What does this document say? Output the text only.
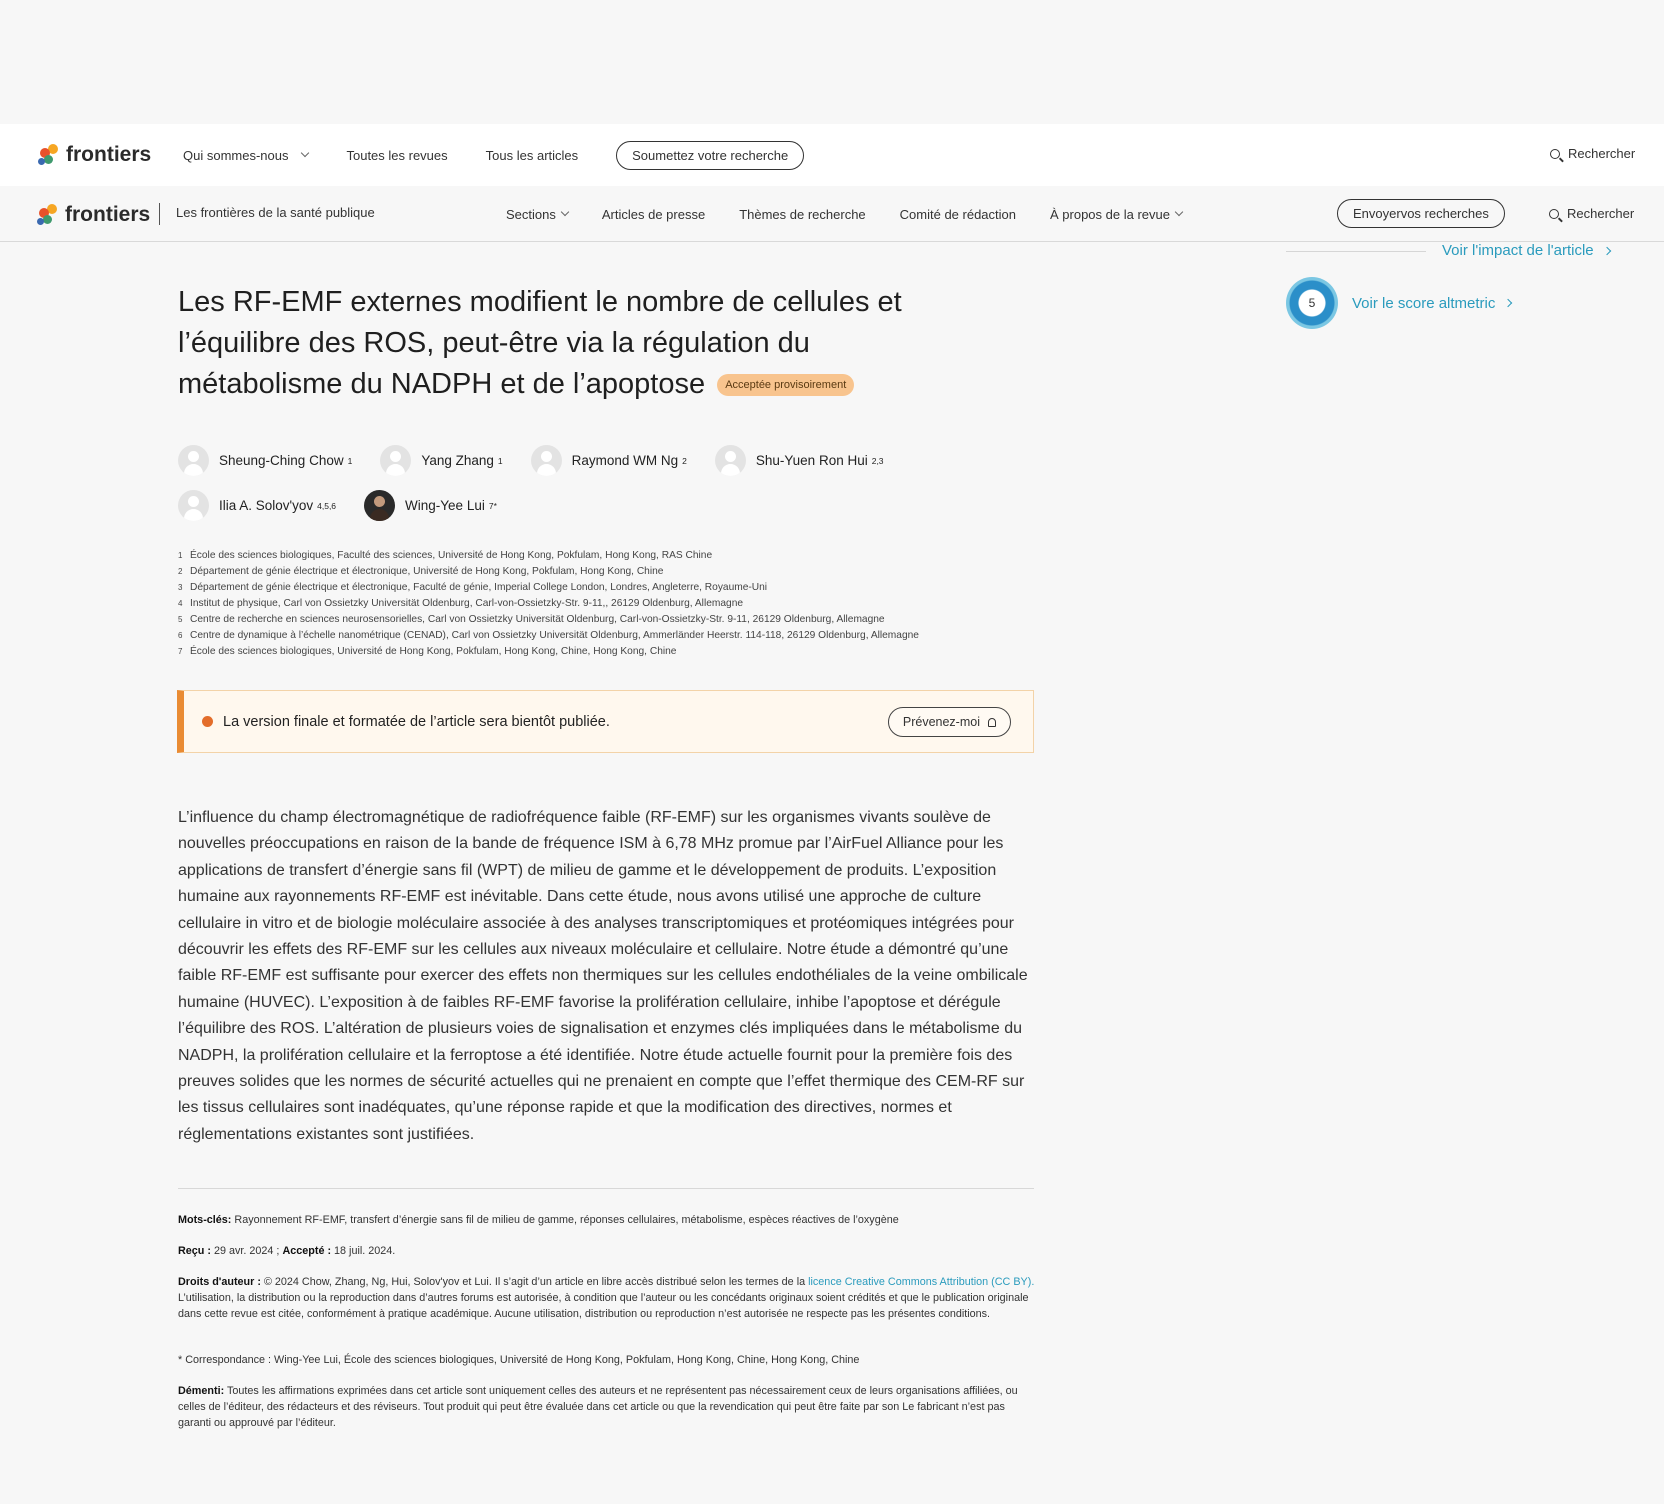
frontiers Qui sommes-nous	Toutes les revues	Tous les articles	Soumettez votre recherche	Rechercher
frontiers Les frontières de la santé publique	Sections	Articles de presse	Thèmes de recherche	Comité de rédaction	À propos de la revue	Envoyervos recherches	Rechercher
Voir l'impact de l'article
5	Voir le score altmetric
Les RF-EMF externes modifient le nombre de cellules et l’équilibre des ROS, peut-être via la régulation du métabolisme du NADPH et de l’apoptose Acceptée provisoirement
Sheung-Ching Chow 1	Yang Zhang 1	Raymond WM Ng 2	Shu-Yuen Ron Hui 2,3
Ilia A. Solov'yov 4,5,6	Wing-Yee Lui 7*
1 École des sciences biologiques, Faculté des sciences, Université de Hong Kong, Pokfulam, Hong Kong, RAS Chine
2 Département de génie électrique et électronique, Université de Hong Kong, Pokfulam, Hong Kong, Chine
3 Département de génie électrique et électronique, Faculté de génie, Imperial College London, Londres, Angleterre, Royaume-Uni
4 Institut de physique, Carl von Ossietzky Universität Oldenburg, Carl-von-Ossietzky-Str. 9-11,, 26129 Oldenburg, Allemagne
5 Centre de recherche en sciences neurosensorielles, Carl von Ossietzky Universität Oldenburg, Carl-von-Ossietzky-Str. 9-11, 26129 Oldenburg, Allemagne
6 Centre de dynamique à l’échelle nanométrique (CENAD), Carl von Ossietzky Universität Oldenburg, Ammerländer Heerstr. 114-118, 26129 Oldenburg, Allemagne
7 École des sciences biologiques, Université de Hong Kong, Pokfulam, Hong Kong, Chine, Hong Kong, Chine
La version finale et formatée de l’article sera bientôt publiée.	Prévenez-moi

L’influence du champ électromagnétique de radiofréquence faible (RF-EMF) sur les organismes vivants soulève de nouvelles préoccupations en raison de la bande de fréquence ISM à 6,78 MHz promue par l’AirFuel Alliance pour les applications de transfert d’énergie sans fil (WPT) de milieu de gamme et le développement de produits. L’exposition humaine aux rayonnements RF-EMF est inévitable. Dans cette étude, nous avons utilisé une approche de culture cellulaire in vitro et de biologie moléculaire associée à des analyses transcriptomiques et protéomiques intégrées pour découvrir les effets des RF-EMF sur les cellules aux niveaux moléculaire et cellulaire. Notre étude a démontré qu’une faible RF-EMF est suffisante pour exercer des effets non thermiques sur les cellules endothéliales de la veine ombilicale humaine (HUVEC). L’exposition à de faibles RF-EMF favorise la prolifération cellulaire, inhibe l’apoptose et dérégule l’équilibre des ROS. L’altération de plusieurs voies de signalisation et enzymes clés impliquées dans le métabolisme du NADPH, la prolifération cellulaire et la ferroptose a été identifiée. Notre étude actuelle fournit pour la première fois des preuves solides que les normes de sécurité actuelles qui ne prenaient en compte que l’effet thermique des CEM-RF sur les tissus cellulaires sont inadéquates, qu’une réponse rapide et que la modification des directives, normes et réglementations existantes sont justifiées.

Mots-clés: Rayonnement RF-EMF, transfert d’énergie sans fil de milieu de gamme, réponses cellulaires, métabolisme, espèces réactives de l’oxygène

Reçu : 29 avr. 2024 ; Accepté : 18 juil. 2024.

Droits d'auteur : © 2024 Chow, Zhang, Ng, Hui, Solov'yov et Lui. Il s’agit d’un article en libre accès distribué selon les termes de la licence Creative Commons Attribution (CC BY). L’utilisation, la distribution ou la reproduction dans d’autres forums est autorisée, à condition que l’auteur ou les concédants originaux soient crédités et que le publication originale dans cette revue est citée, conformément à pratique académique. Aucune utilisation, distribution ou reproduction n’est autorisée ne respecte pas les présentes conditions.

* Correspondance : Wing-Yee Lui, École des sciences biologiques, Université de Hong Kong, Pokfulam, Hong Kong, Chine, Hong Kong, Chine

Démenti: Toutes les affirmations exprimées dans cet article sont uniquement celles des auteurs et ne représentent pas nécessairement ceux de leurs organisations affiliées, ou celles de l’éditeur, des rédacteurs et des réviseurs. Tout produit qui peut être évaluée dans cet article ou que la revendication qui peut être faite par son Le fabricant n’est pas garanti ou approuvé par l’éditeur.
